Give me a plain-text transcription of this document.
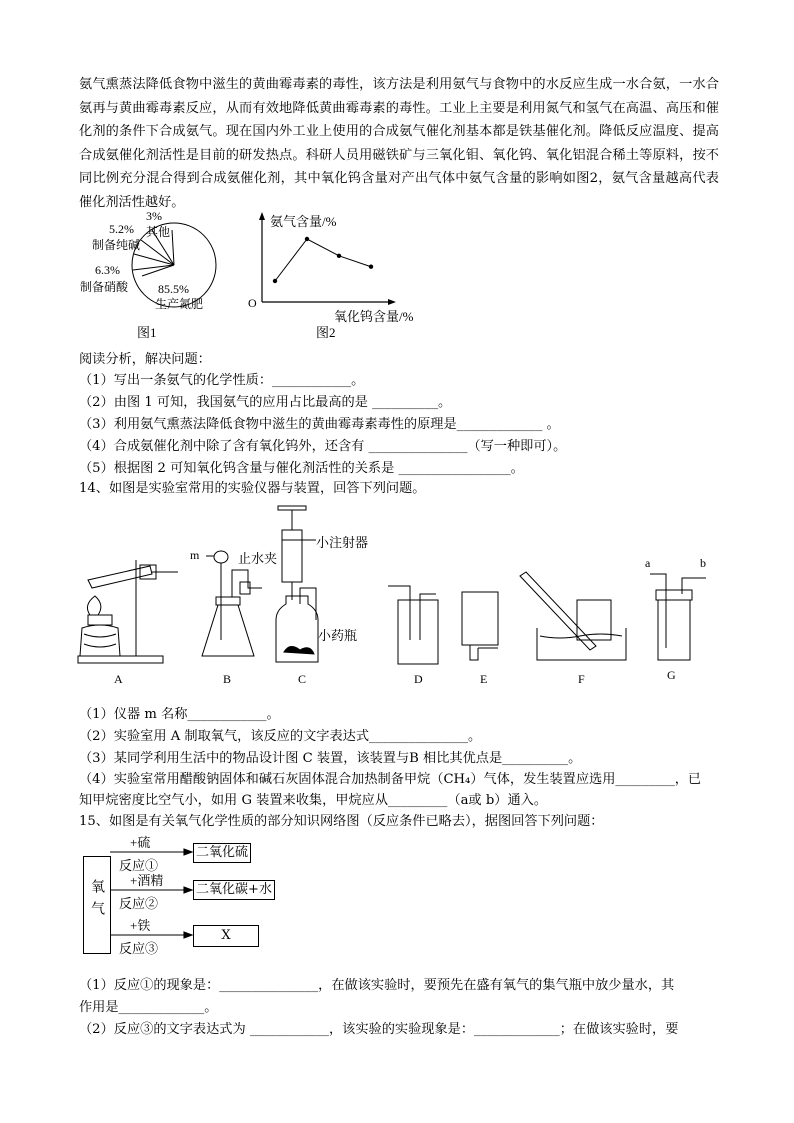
氨气熏蒸法降低食物中滋生的黄曲霉毒素的毒性，该方法是利用氨气与食物中的水反应生成一水合氨，一水合氨再与黄曲霉毒素反应，从而有效地降低黄曲霉毒素的毒性。工业上主要是利用氮气和氢气在高温、高压和催化剂的条件下合成氨气。现在国内外工业上使用的合成氨气催化剂基本都是铁基催化剂。降低反应温度、提高合成氨催化剂活性是目前的研发热点。科研人员用磁铁矿与三氧化钼、氧化钨、氧化铝混合稀土等原料，按不同比例充分混合得到合成氨催化剂，其中氧化钨含量对产出气体中氨气含量的影响如图2，氨气含量越高代表催化剂活性越好。

3%
5.2% 其他
制备纯碱
6.3%
制备硝酸 85.5%
生产氮肥
图1
氨气含量/%
O
氧化钨含量/%
图2
阅读分析，解决问题：
（1）写出一条氨气的化学性质：____________。
（2）由图 1 可知，我国氨气的应用占比最高的是 __________。
（3）利用氨气熏蒸法降低食物中滋生的黄曲霉毒素毒性的原理是_____________ 。
（4）合成氨催化剂中除了含有氧化钨外，还含有 _______________（写一种即可）。
（5）根据图 2 可知氧化钨含量与催化剂活性的关系是 _________________。
14、如图是实验室常用的实验仪器与装置，回答下列问题。
m	止水夹
小注射器
小药瓶
a	b
A	B	C	D	E	F	G
（1）仪器 m 名称____________。
（2）实验室用 A 制取氧气，该反应的文字表达式_______________。
（3）某同学利用生活中的物品设计图 C 装置，该装置与B 相比其优点是__________。
（4）实验室常用醋酸钠固体和碱石灰固体混合加热制备甲烷（CH₄）气体，发生装置应选用_________，已
知甲烷密度比空气小，如用 G 装置来收集，甲烷应从_________（a或 b）通入。
15、如图是有关氧气化学性质的部分知识网络图（反应条件已略去），据图回答下列问题：
氧气
+硫
反应①
+酒精
反应②
+铁
反应③
二氧化硫
二氧化碳+水
X
（1）反应①的现象是：_______________，在做该实验时，要预先在盛有氧气的集气瓶中放少量水，其
作用是_____________。
（2）反应③的文字表达式为 ____________，该实验的实验现象是：_____________；在做该实验时，要
